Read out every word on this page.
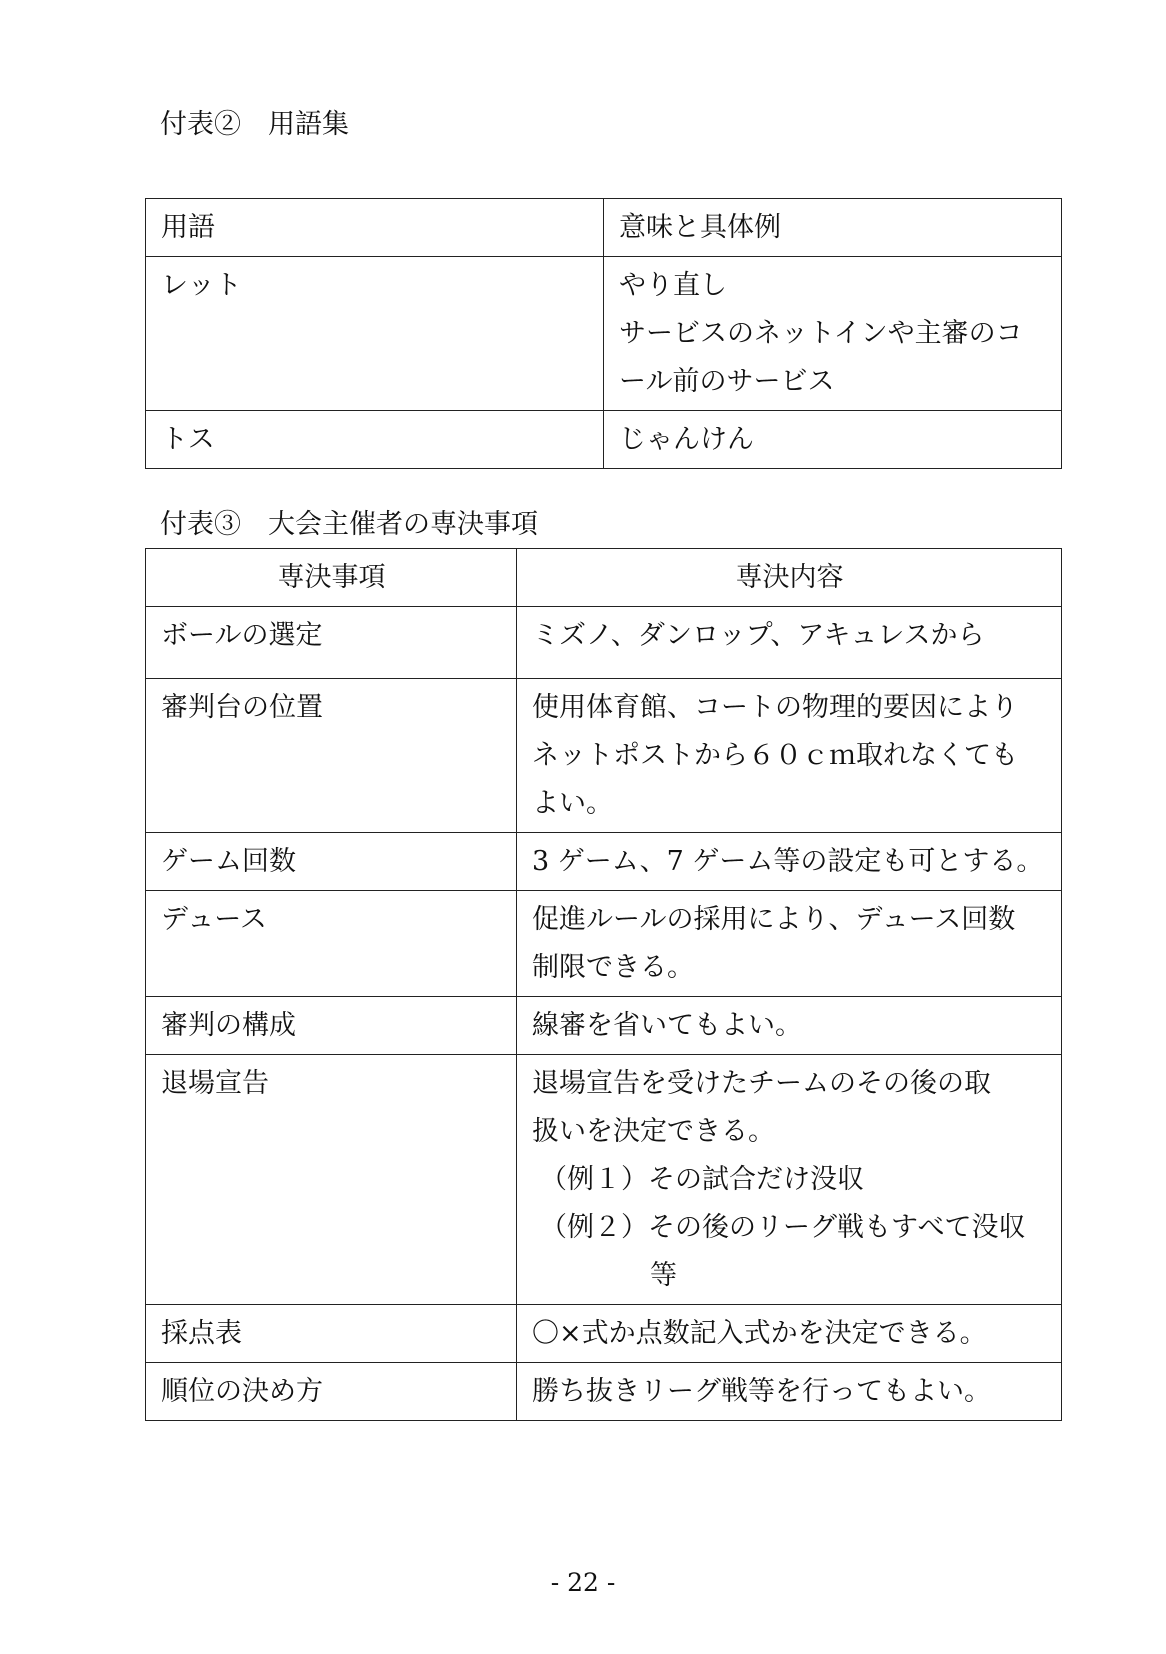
付表②　用語集
用語	意味と具体例
レット	やり直し
サービスのネットインや主審のコ
ール前のサービス

トス	じゃんけん
付表③　大会主催者の専決事項
専決事項	専決内容
ボールの選定	ミズノ、ダンロップ、アキュレスから

審判台の位置	使用体育館、コートの物理的要因により
ネットポストから６０ｃｍ取れなくても
よい。

ゲーム回数	3 ゲーム、7 ゲーム等の設定も可とする。

デュース	促進ルールの採用により、デュース回数
制限できる。

審判の構成	線審を省いてもよい。

退場宣告	退場宣告を受けたチームのその後の取
扱いを決定できる。
（例１）その試合だけ没収
（例２）その後のリーグ戦もすべて没収
等

採点表	〇×式か点数記入式かを決定できる。

順位の決め方	勝ち抜きリーグ戦等を行ってもよい。
- 22 -
